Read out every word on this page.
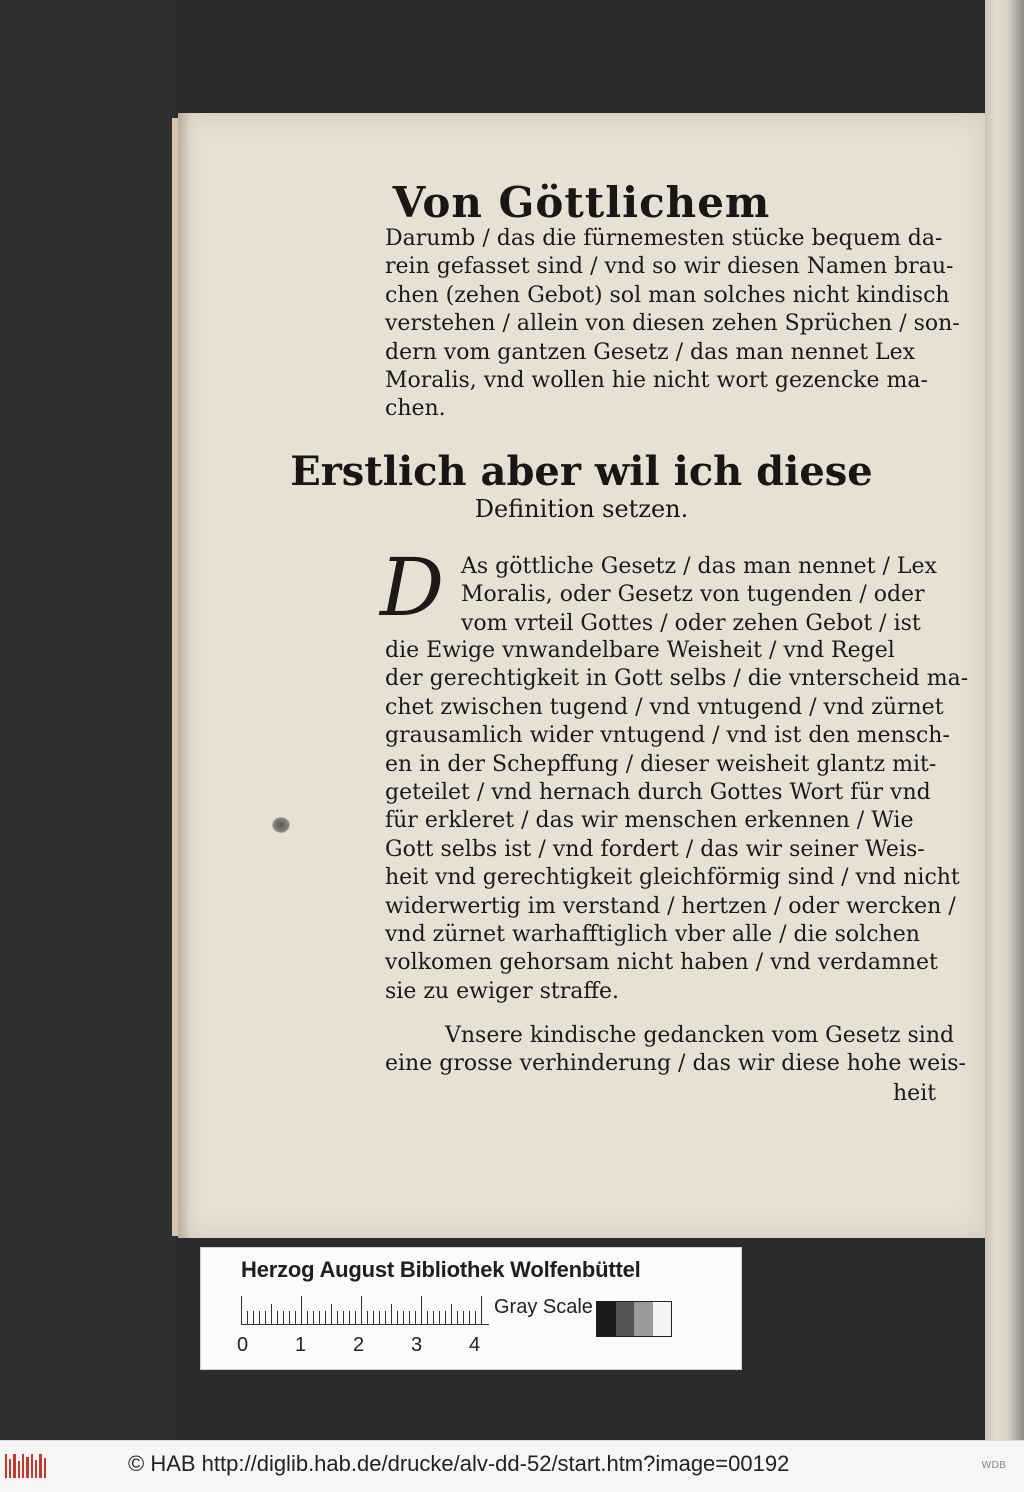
Von Göttlichem
Darumb / das die fürnemesten stücke bequem da-
rein gefasset sind / vnd so wir diesen Namen brau-
chen (zehen Gebot) sol man solches nicht kindisch
verstehen / allein von diesen zehen Sprüchen / son-
dern vom gantzen Gesetz / das man nennet Lex
Moralis, vnd wollen hie nicht wort gezencke ma-
chen.
Erstlich aber wil ich diese
Definition setzen.
D As göttliche Gesetz / das man nennet / Lex
Moralis, oder Gesetz von tugenden / oder
vom vrteil Gottes / oder zehen Gebot / ist
die Ewige vnwandelbare Weisheit / vnd Regel
der gerechtigkeit in Gott selbs / die vnterscheid ma-
chet zwischen tugend / vnd vntugend / vnd zürnet
grausamlich wider vntugend / vnd ist den mensch-
en in der Schepffung / dieser weisheit glantz mit-
geteilet / vnd hernach durch Gottes Wort für vnd
für erkleret / das wir menschen erkennen / Wie
Gott selbs ist / vnd fordert / das wir seiner Weis-
heit vnd gerechtigkeit gleichförmig sind / vnd nicht
widerwertig im verstand / hertzen / oder wercken /
vnd zürnet warhafftiglich vber alle / die solchen
volkomen gehorsam nicht haben / vnd verdamnet
sie zu ewiger straffe.
Vnsere kindische gedancken vom Gesetz sind
eine grosse verhinderung / das wir diese hohe weis-
heit
Herzog August Bibliothek Wolfenbüttel
0 1 2 3 4
Gray Scale
© HAB http://diglib.hab.de/drucke/alv-dd-52/start.htm?image=00192	WDB
